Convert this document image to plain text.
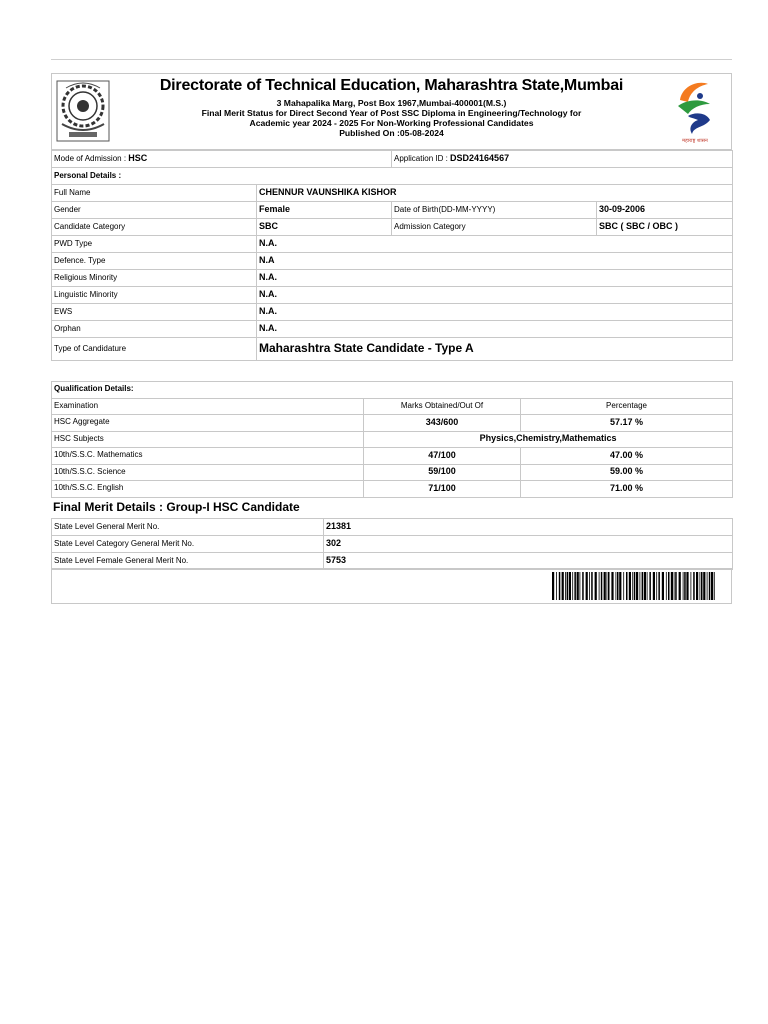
Directorate of Technical Education, Maharashtra State,Mumbai
3 Mahapalika Marg, Post Box 1967,Mumbai-400001(M.S.)
Final Merit Status for Direct Second Year of Post SSC Diploma in Engineering/Technology for
Academic year 2024 - 2025 For Non-Working Professional Candidates
Published On :05-08-2024
महाराष्ट्र शासन
Mode of Admission : HSC		Application ID : DSD24164567	
Personal Details :			
Full Name	CHENNUR VAUNSHIKA KISHOR		
Gender	Female	Date of Birth(DD-MM-YYYY)	30-09-2006
Candidate Category	SBC	Admission Category	SBC ( SBC / OBC )
PWD Type	N.A.		
Defence. Type	N.A		
Religious Minority	N.A.		
Linguistic Minority	N.A.		
EWS	N.A.		
Orphan	N.A.		
Type of Candidature	Maharashtra State Candidate - Type A		
Qualification Details:		
Examination	Marks Obtained/Out Of	Percentage
HSC Aggregate	343/600	57.17 %
HSC Subjects	Physics,Chemistry,Mathematics	
10th/S.S.C. Mathematics	47/100	47.00 %
10th/S.S.C. Science	59/100	59.00 %
10th/S.S.C. English	71/100	71.00 %
Final Merit Details : Group-I HSC Candidate
State Level General Merit No.	21381
State Level Category General Merit No.	302
State Level Female General Merit No.	5753
